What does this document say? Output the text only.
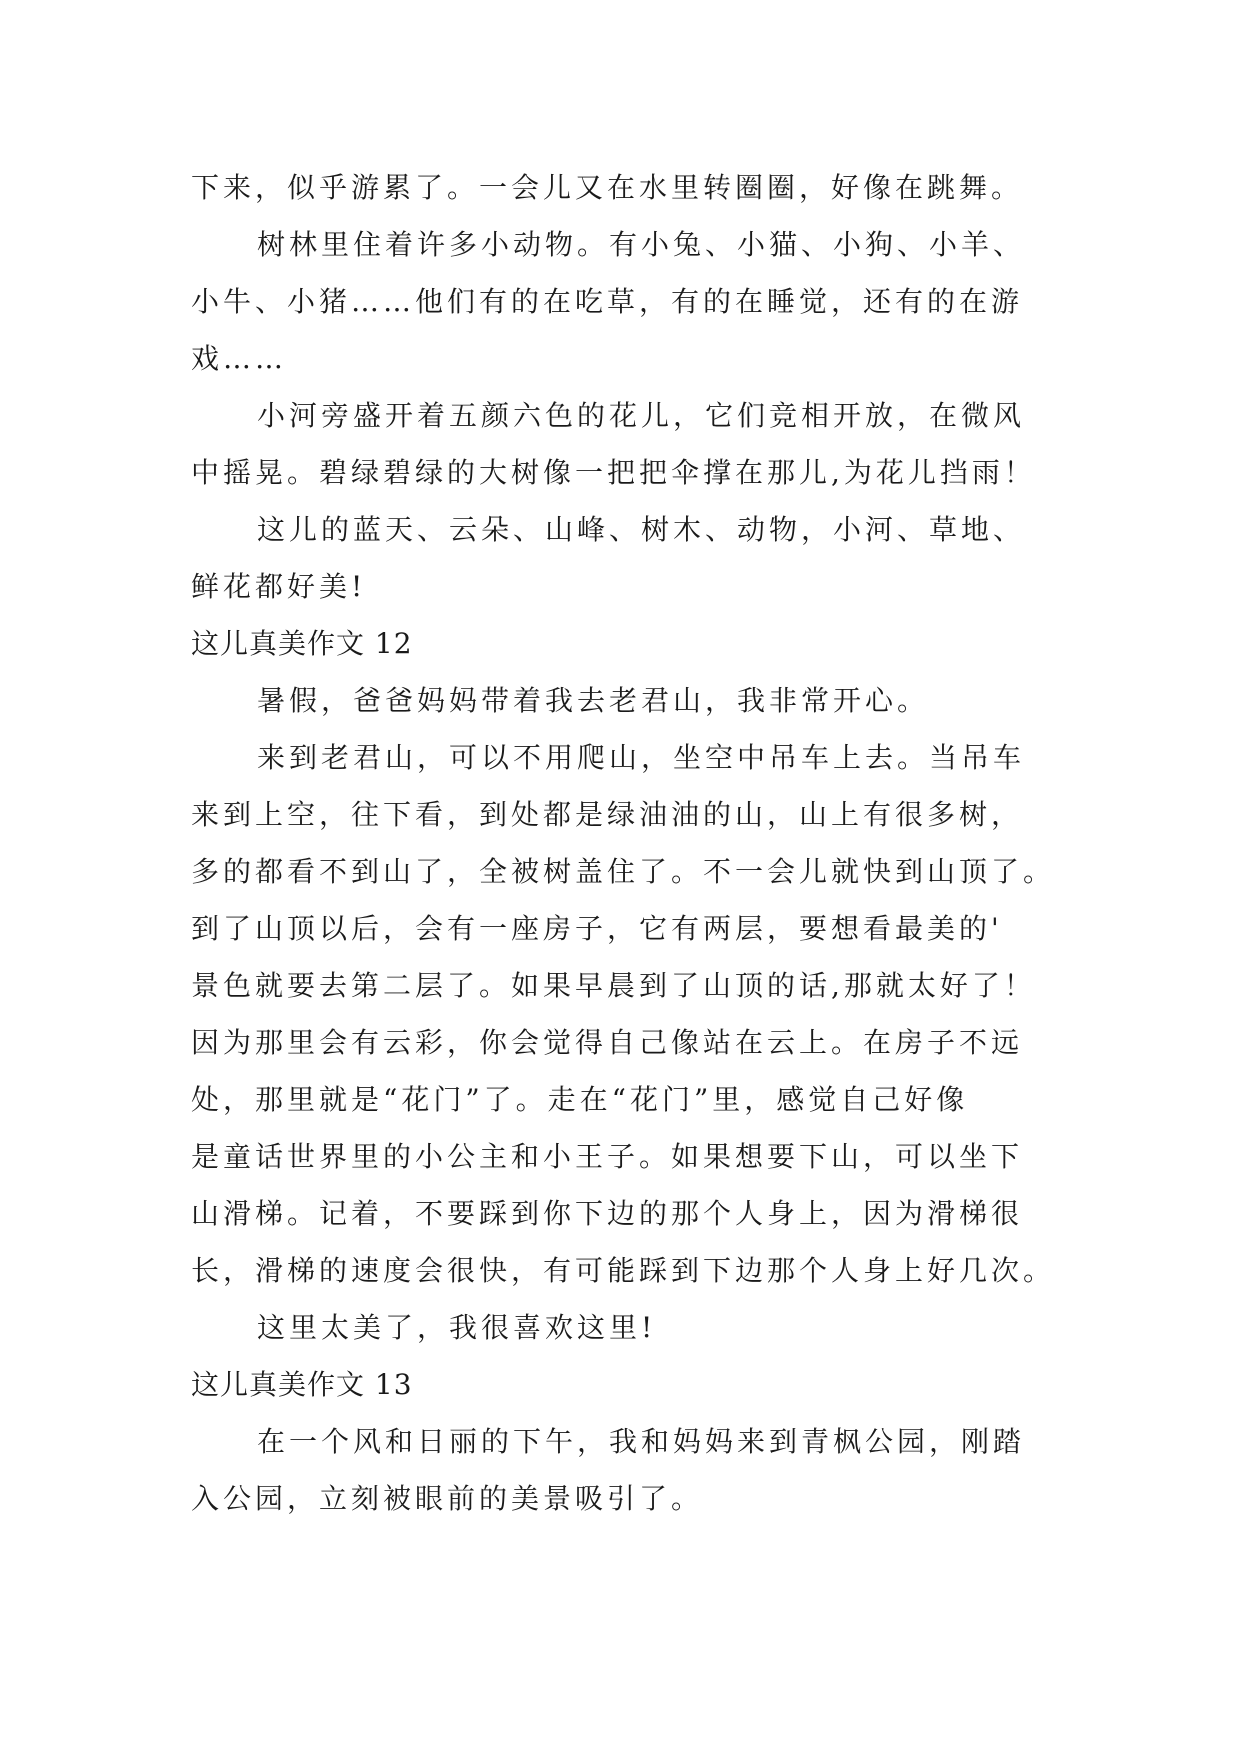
下来，似乎游累了。一会儿又在水里转圈圈，好像在跳舞。
树林里住着许多小动物。有小兔、小猫、小狗、小羊、
小牛、小猪……他们有的在吃草，有的在睡觉，还有的在游
戏……
小河旁盛开着五颜六色的花儿，它们竞相开放，在微风
中摇晃。碧绿碧绿的大树像一把把伞撑在那儿,为花儿挡雨！
这儿的蓝天、云朵、山峰、树木、动物，小河、草地、
鲜花都好美!
这儿真美作文 12
暑假，爸爸妈妈带着我去老君山，我非常开心。
来到老君山，可以不用爬山，坐空中吊车上去。当吊车
来到上空，往下看，到处都是绿油油的山，山上有很多树，
多的都看不到山了，全被树盖住了。不一会儿就快到山顶了。
到了山顶以后，会有一座房子，它有两层，要想看最美的'
景色就要去第二层了。如果早晨到了山顶的话,那就太好了！
因为那里会有云彩，你会觉得自己像站在云上。在房子不远
处，那里就是“花门”了。走在“花门”里，感觉自己好像
是童话世界里的小公主和小王子。如果想要下山，可以坐下
山滑梯。记着，不要踩到你下边的那个人身上，因为滑梯很
长，滑梯的速度会很快，有可能踩到下边那个人身上好几次。
这里太美了，我很喜欢这里!
这儿真美作文 13
在一个风和日丽的下午，我和妈妈来到青枫公园，刚踏
入公园，立刻被眼前的美景吸引了。
